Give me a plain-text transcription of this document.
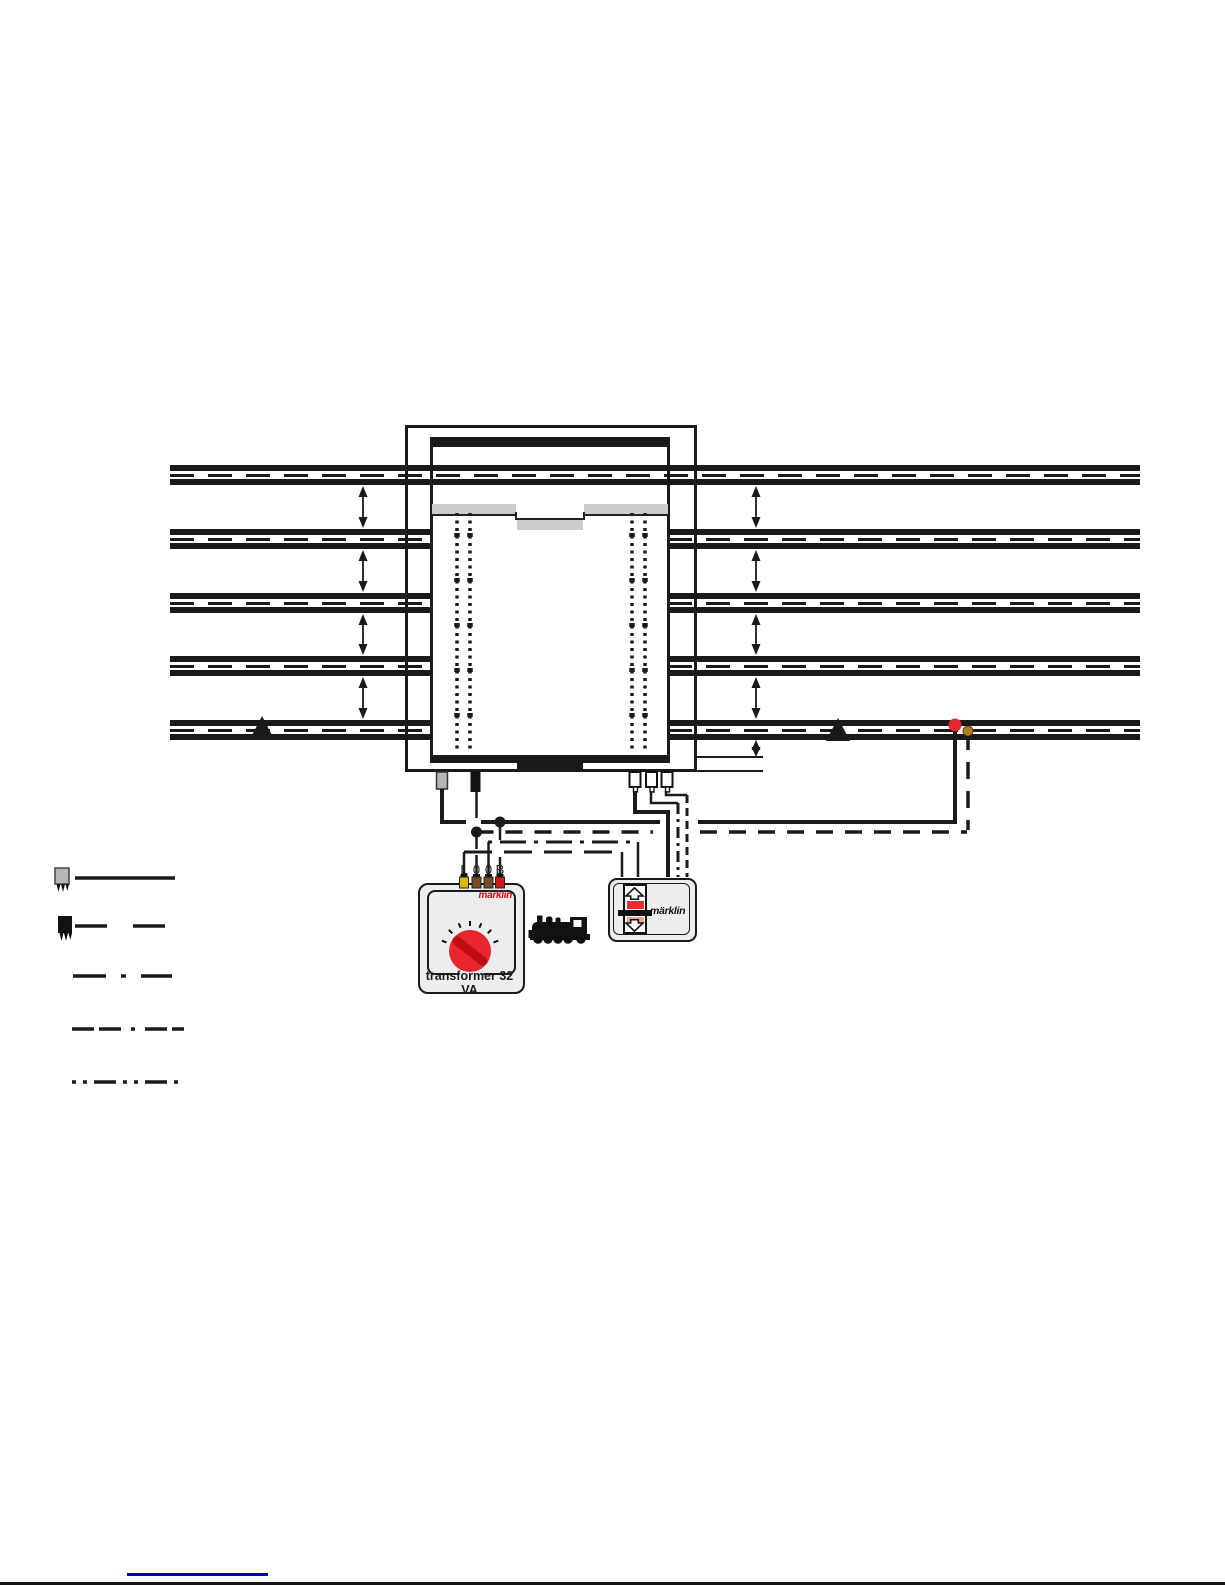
märklin
transformer 32 VA
L 0 0 B
märklin
